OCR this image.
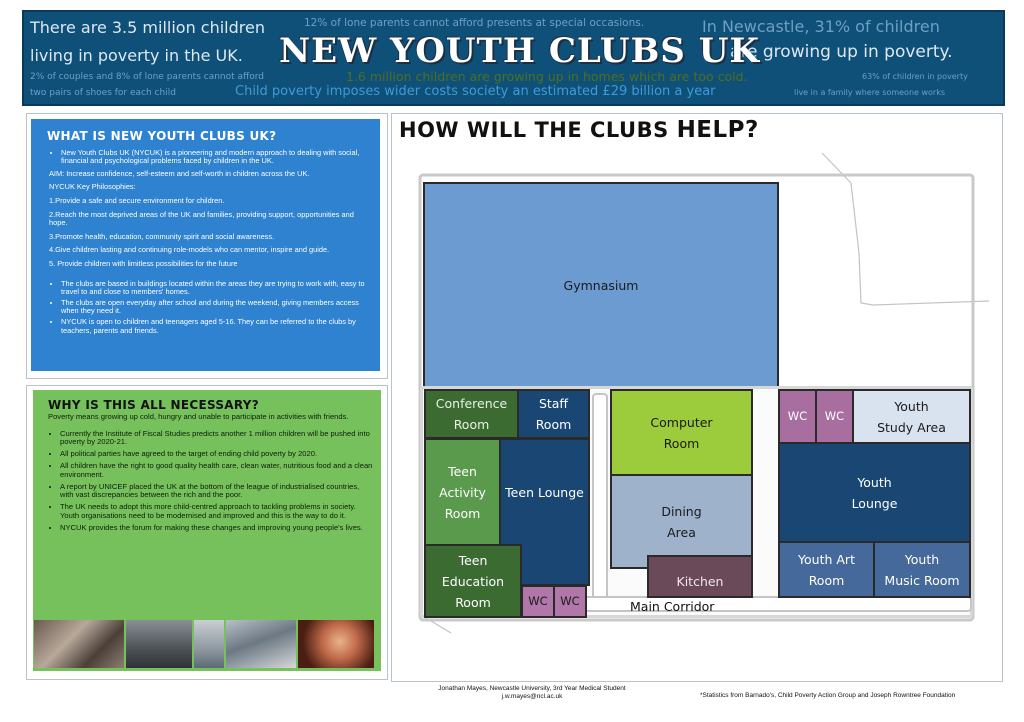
There are 3.5 million children
living in poverty in the UK.
12% of lone parents cannot afford presents at special occasions.	In Newcastle, 31% of children
are growing up in poverty.
2% of couples and 8% of lone parents cannot afford
two pairs of shoes for each child
1.6 million children are growing up in homes which are too cold.
Child poverty imposes wider costs society an estimated £29 billion a year
63% of children in poverty
live in a family where someone works
NEW YOUTH CLUBS UK
WHAT IS NEW YOUTH CLUBS UK?
• New Youth Clubs UK (NYCUK) is a pioneering and modern approach to dealing with social, financial and psychological problems faced by children in the UK.

AIM: Increase confidence, self-esteem and self-worth in children across the UK.

NYCUK Key Philosophies:

1.Provide a safe and secure environment for children.

2.Reach the most deprived areas of the UK and families, providing support, opportunities and hope.

3.Promote health, education, community spirit and social awareness.

4.Give children lasting and continuing role-models who can mentor, inspire and guide.

5. Provide children with limitless possibilities for the future

• The clubs are based in buildings located within the areas they are trying to work with, easy to travel to and close to members' homes.
• The clubs are open everyday after school and during the weekend, giving members access when they need it.
• NYCUK is open to children and teenagers aged 5-16. They can be referred to the clubs by teachers, parents and friends.
WHY IS THIS ALL NECESSARY?

Poverty means growing up cold, hungry and unable to participate in activities with friends.

• Currently the Institute of Fiscal Studies predicts another 1 million children will be pushed into poverty by 2020-21.
• All political parties have agreed to the target of ending child poverty by 2020.
• All children have the right to good quality health care, clean water, nutritious food and a clean environment.
• A report by UNICEF placed the UK at the bottom of the league of industrialised countries, with vast discrepancies between the rich and the poor.
• The UK needs to adopt this more child-centred approach to tackling problems in society. Youth organisations need to be modernised and improved and this is the way to do it.
• NYCUK provides the forum for making these changes and improving young people's lives.
HOW WILL THE CLUBS HELP?
Gymnasium
Conference
Room
Staff
Room
Teen
Activity
Room
Teen Lounge
Teen
Education
Room	WC WC
Computer
Room
Dining
Area
Kitchen
Main Corridor
WC WC
Youth
Study Area
Youth
Lounge
Youth Art
Room
Youth
Music Room
Jonathan Mayes, Newcastle University, 3rd Year Medical Student
j.w.mayes@ncl.ac.uk	*Statistics from Barnado's, Child Poverty Action Group and Joseph Rowntree Foundation
